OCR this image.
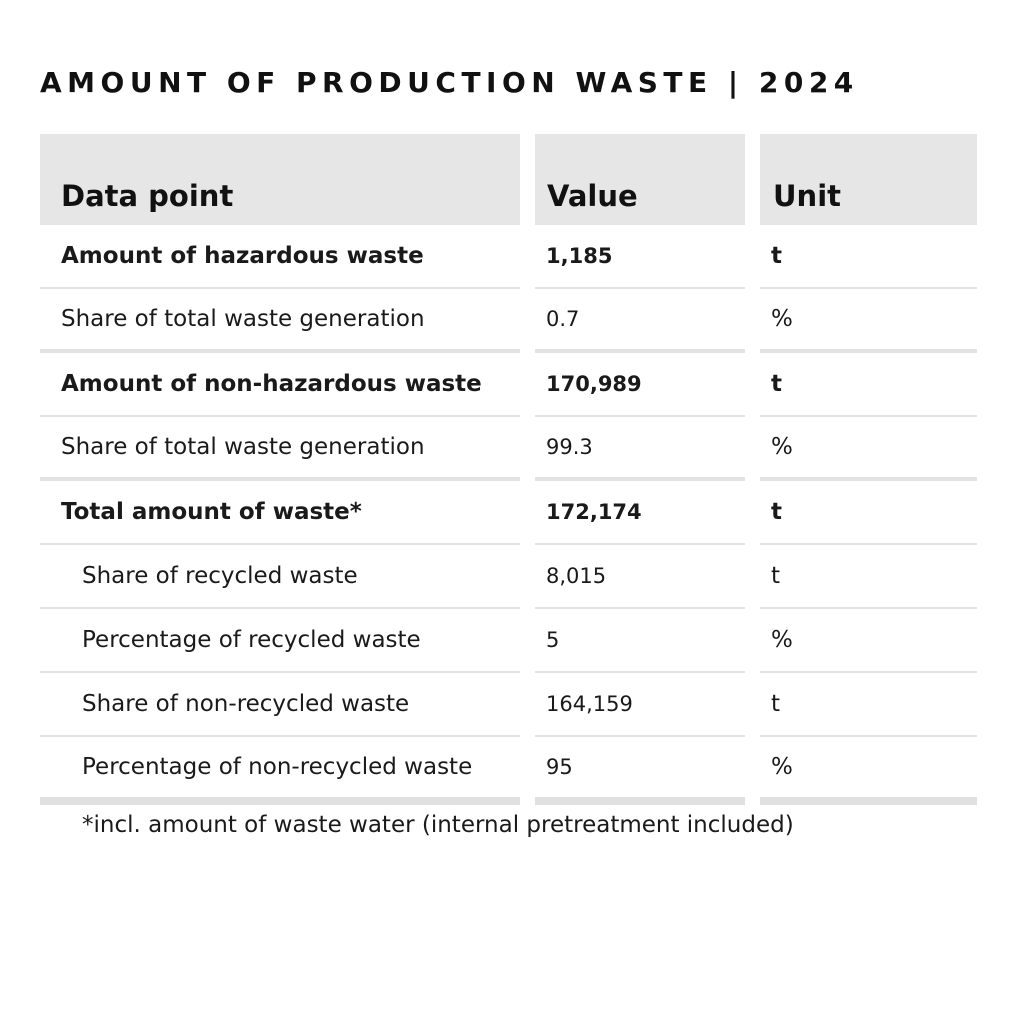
AMOUNT OF PRODUCTION WASTE | 2024
Data point
Amount of hazardous waste
Share of total waste generation
Amount of non-hazardous waste
Share of total waste generation
Total amount of waste*
Share of recycled waste
Percentage of recycled waste
Share of non-recycled waste
Percentage of non-recycled waste
Value
1,185
0.7
170,989
99.3
172,174
8,015
5
164,159
95
Unit
t
%
t
%
t
t
%
t
%
*incl. amount of waste water (internal pretreatment included)
